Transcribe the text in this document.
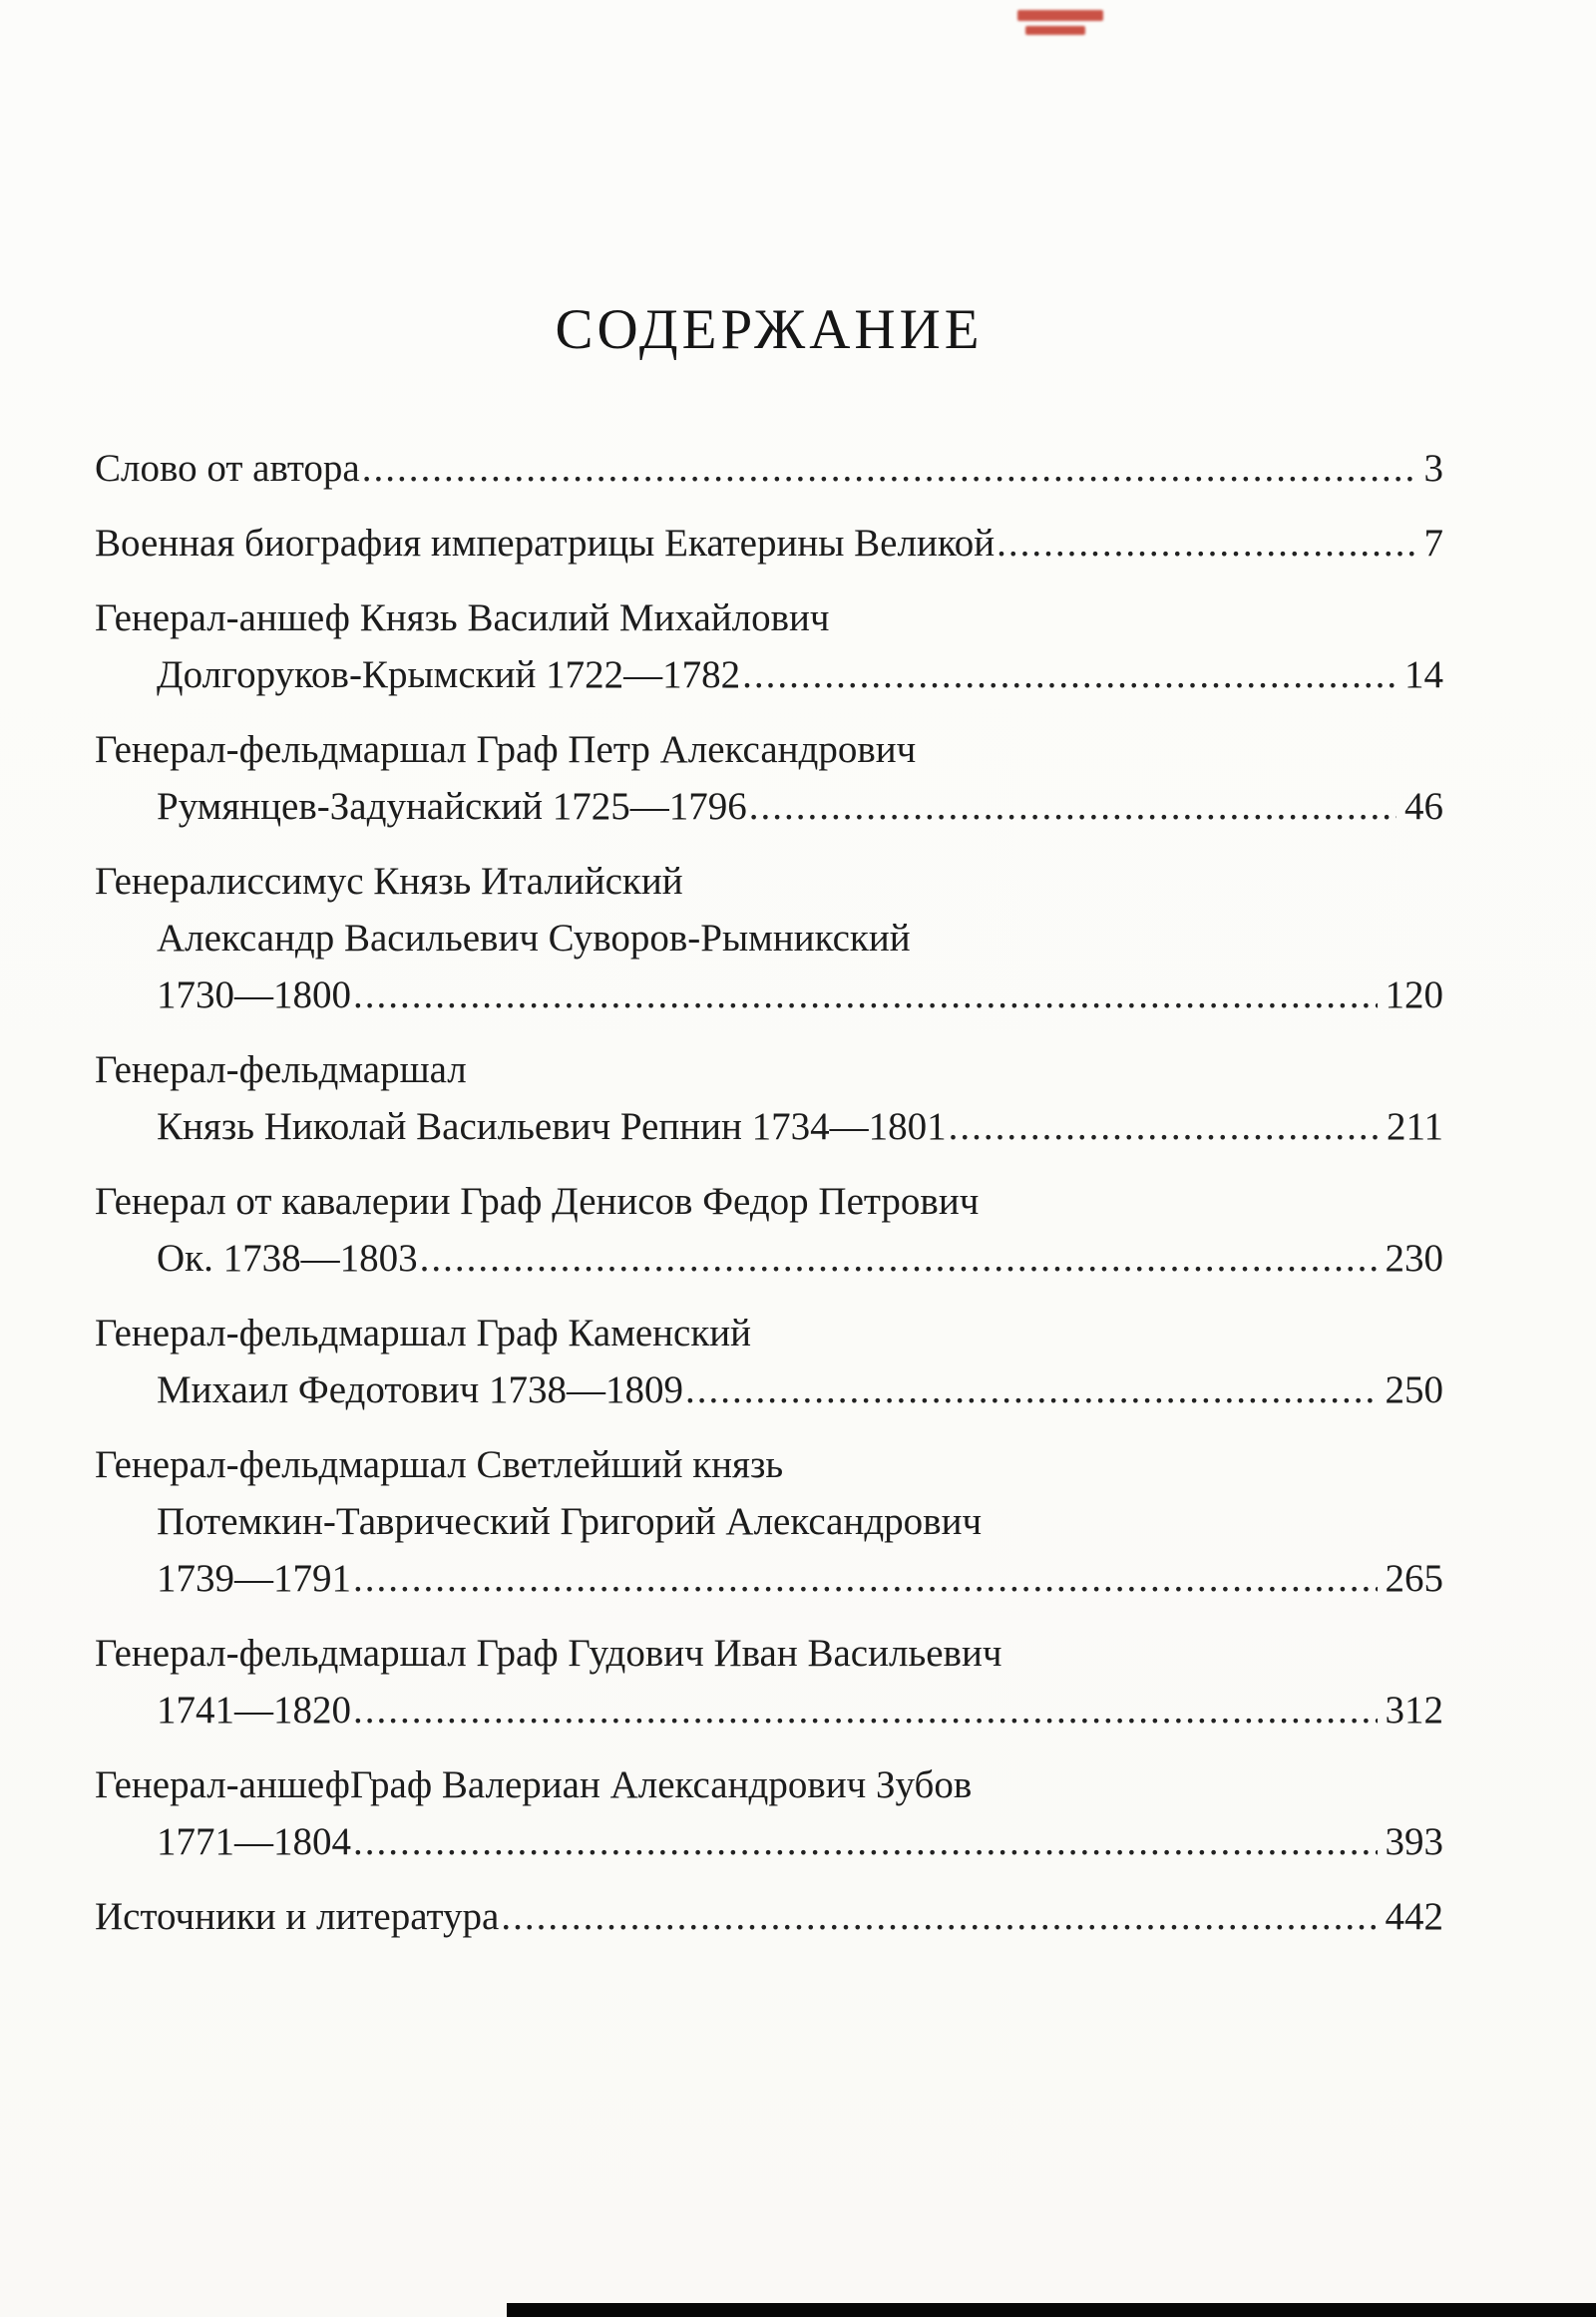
СОДЕРЖАНИЕ
Слово от автора .....	3
Военная биография императрицы Екатерины Великой .....	7
Генерал-аншеф Князь Василий Михайлович
Долгоруков-Крымский 1722—1782 .....	14
Генерал-фельдмаршал Граф Петр Александрович
Румянцев-Задунайский 1725—1796 .....	46
Генералиссимус Князь Италийский
Александр Васильевич Суворов-Рымникский
1730—1800 .....	120
Генерал-фельдмаршал
Князь Николай Васильевич Репнин 1734—1801 .....	211
Генерал от кавалерии Граф Денисов Федор Петрович
Ок. 1738—1803 .....	230
Генерал-фельдмаршал Граф Каменский
Михаил Федотович 1738—1809 .....	250
Генерал-фельдмаршал Светлейший князь
Потемкин-Таврический Григорий Александрович
1739—1791 .....	265
Генерал-фельдмаршал Граф Гудович Иван Васильевич
1741—1820 .....	312
Генерал-аншефГраф Валериан Александрович Зубов
1771—1804 .....	393
Источники и литература .....	442
